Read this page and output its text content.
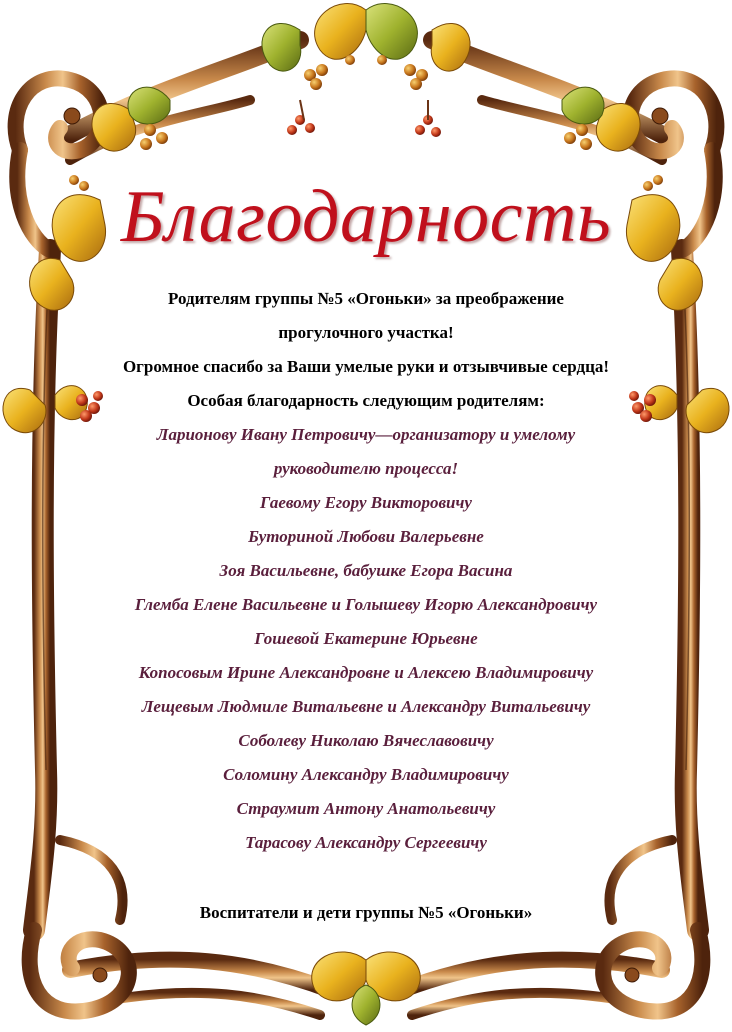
Благодарность
Родителям группы №5 «Огоньки» за преображение
прогулочного участка!
Огромное спасибо за Ваши умелые руки и отзывчивые сердца!
Особая благодарность следующим родителям:
Ларионову Ивану Петровичу—организатору и умелому
руководителю процесса!
Гаевому Егору Викторовичу
Буториной Любови Валерьевне
Зоя Васильевне, бабушке Егора Васина
Глемба Елене Васильевне и Голышеву Игорю Александровичу
Гошевой Екатерине Юрьевне
Копосовым Ирине Александровне и Алексею Владимировичу
Лещевым Людмиле Витальевне и Александру Витальевичу
Соболеву Николаю Вячеславовичу
Соломину Александру Владимировичу
Страумит Антону Анатольевичу
Тарасову Александру Сергеевичу
Воспитатели и дети группы №5 «Огоньки»
